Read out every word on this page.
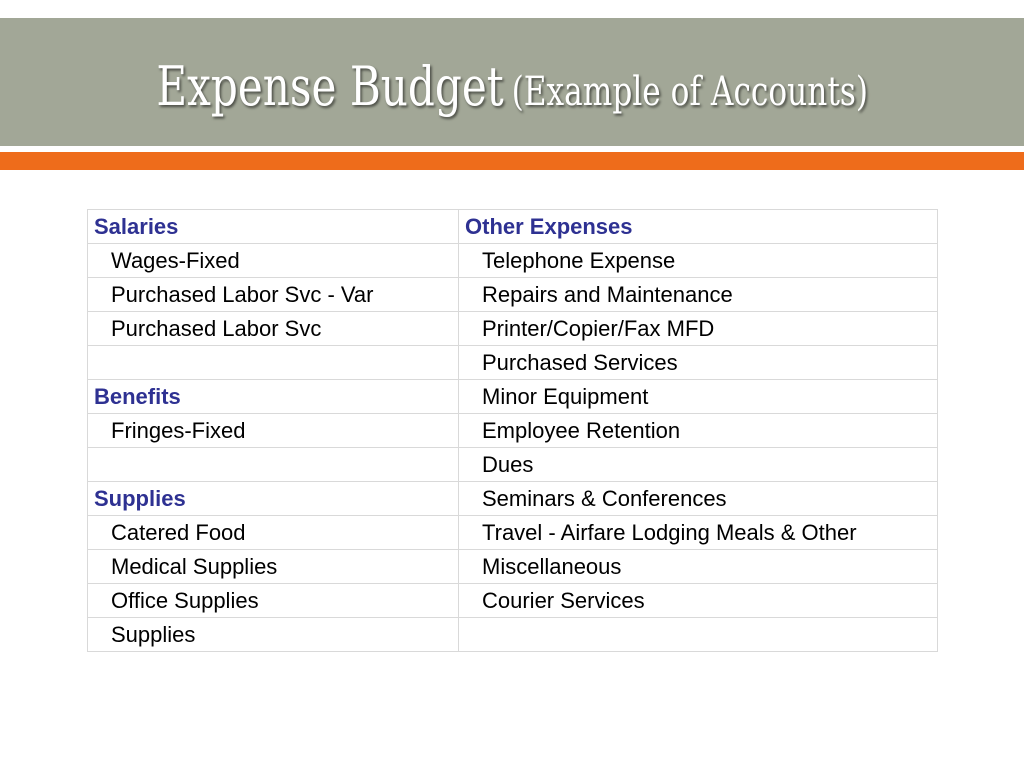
Expense Budget (Example of Accounts)
Salaries	Other Expenses
Wages-Fixed	Telephone Expense
Purchased Labor Svc - Var	Repairs and Maintenance
Purchased Labor Svc	Printer/Copier/Fax MFD
	Purchased Services
Benefits	Minor Equipment
Fringes-Fixed	Employee Retention
	Dues
Supplies	Seminars & Conferences
Catered Food	Travel - Airfare Lodging Meals & Other
Medical Supplies	Miscellaneous
Office Supplies	Courier Services
Supplies	
